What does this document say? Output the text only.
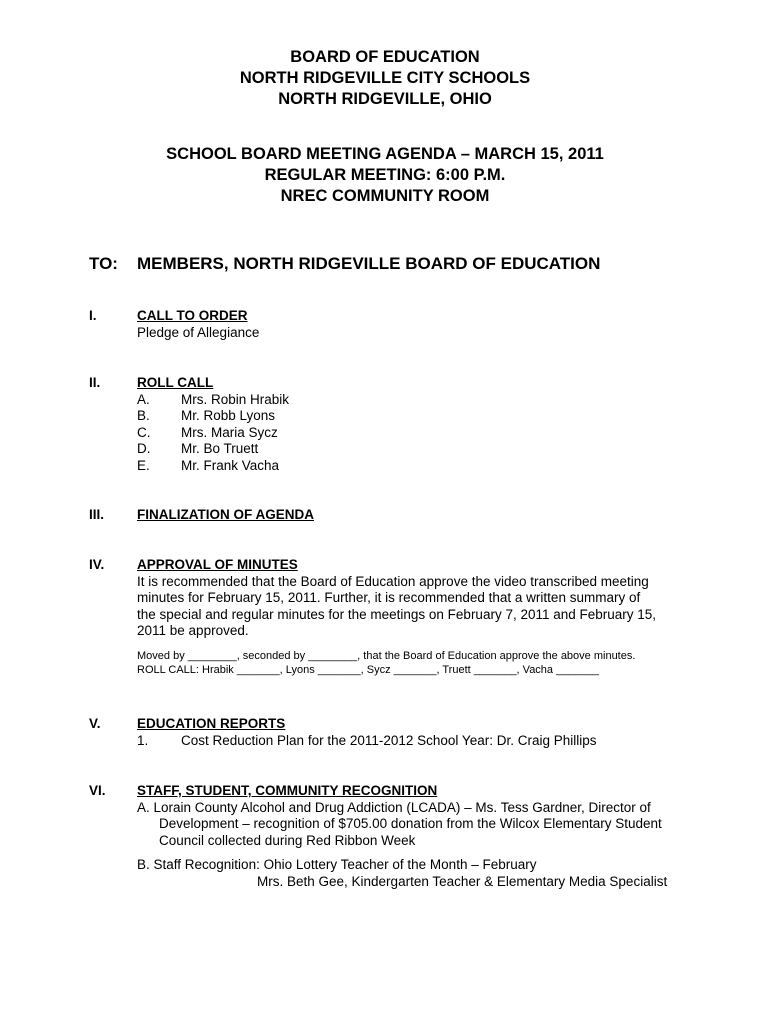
BOARD OF EDUCATION
NORTH RIDGEVILLE CITY SCHOOLS
NORTH RIDGEVILLE, OHIO
SCHOOL BOARD MEETING AGENDA – MARCH 15, 2011
REGULAR MEETING: 6:00 P.M.
NREC COMMUNITY ROOM
TO: MEMBERS, NORTH RIDGEVILLE BOARD OF EDUCATION
I.	CALL TO ORDER
Pledge of Allegiance
II.	ROLL CALL
A.	Mrs. Robin Hrabik
B.	Mr. Robb Lyons
C.	Mrs. Maria Sycz
D.	Mr. Bo Truett
E.	Mr. Frank Vacha
III. FINALIZATION OF AGENDA
IV. APPROVAL OF MINUTES
It is recommended that the Board of Education approve the video transcribed meeting
minutes for February 15, 2011. Further, it is recommended that a written summary of
the special and regular minutes for the meetings on February 7, 2011 and February 15,
2011 be approved.
Moved by ________, seconded by ________, that the Board of Education approve the above minutes.
ROLL CALL: Hrabik _______, Lyons _______, Sycz _______, Truett _______, Vacha _______
V.	EDUCATION REPORTS
1.	Cost Reduction Plan for the 2011-2012 School Year: Dr. Craig Phillips
VI. STAFF, STUDENT, COMMUNITY RECOGNITION
A. Lorain County Alcohol and Drug Addiction (LCADA) – Ms. Tess Gardner, Director of Development – recognition of $705.00 donation from the Wilcox Elementary Student Council collected during Red Ribbon Week
B. Staff Recognition: Ohio Lottery Teacher of the Month – February
Mrs. Beth Gee, Kindergarten Teacher & Elementary Media Specialist
